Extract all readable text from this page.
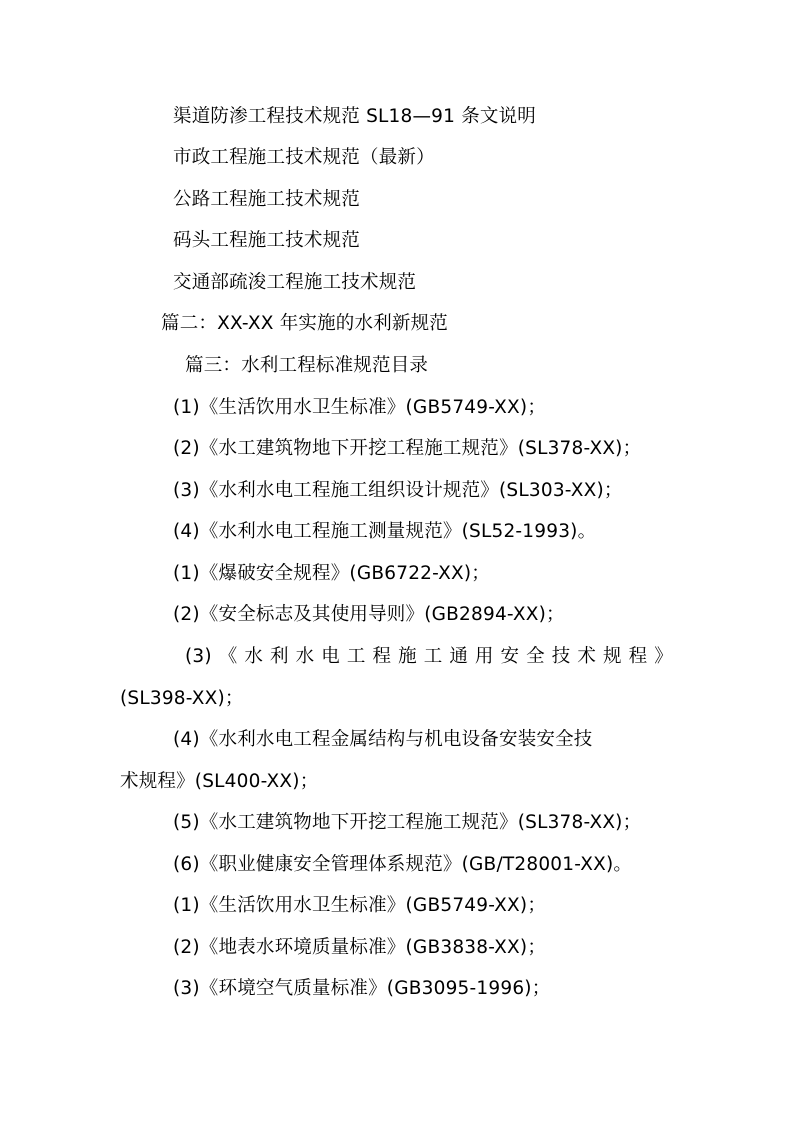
渠道防渗工程技术规范 SL18—91 条文说明
市政工程施工技术规范（最新）
公路工程施工技术规范
码头工程施工技术规范
交通部疏浚工程施工技术规范
篇二：XX-XX 年实施的水利新规范
篇三：水利工程标准规范目录
(1)《生活饮用水卫生标准》(GB5749-XX)；
(2)《水工建筑物地下开挖工程施工规范》(SL378-XX)；
(3)《水利水电工程施工组织设计规范》(SL303-XX)；
(4)《水利水电工程施工测量规范》(SL52-1993)。
(1)《爆破安全规程》(GB6722-XX)；
(2)《安全标志及其使用导则》(GB2894-XX)；
(3)《水利水电工程施工通用安全技术规程》
(SL398-XX)；
(4)《水利水电工程金属结构与机电设备安装安全技
术规程》(SL400-XX)；
(5)《水工建筑物地下开挖工程施工规范》(SL378-XX)；
(6)《职业健康安全管理体系规范》(GB/T28001-XX)。
(1)《生活饮用水卫生标准》(GB5749-XX)；
(2)《地表水环境质量标准》(GB3838-XX)；
(3)《环境空气质量标准》(GB3095-1996)；
